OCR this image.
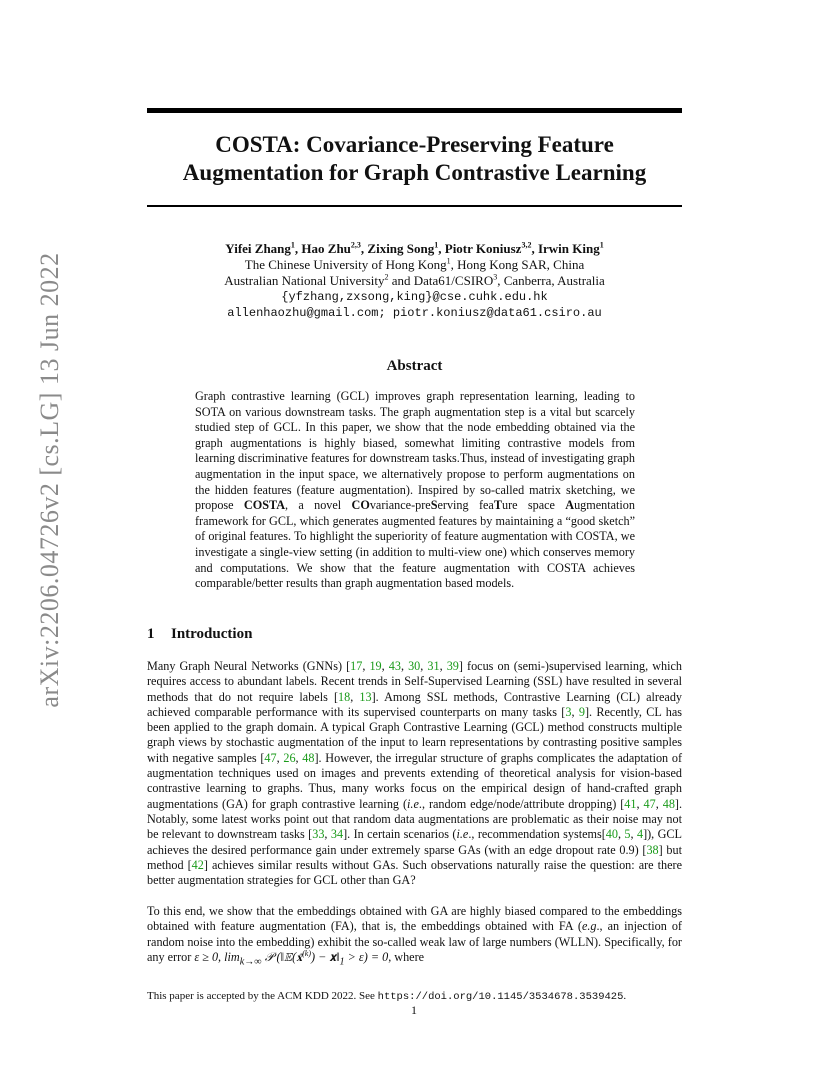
arXiv:2206.04726v2 [cs.LG] 13 Jun 2022
COSTA: Covariance-Preserving Feature
Augmentation for Graph Contrastive Learning
Yifei Zhang$^1$, Hao Zhu$^{2,3}$, Zixing Song$^1$, Piotr Koniusz$^{3,2}$, Irwin King$^1$
The Chinese University of Hong Kong$^1$, Hong Kong SAR, China
Australian National University$^2$ and Data61/CSIRO$^3$, Canberra, Australia
{yfzhang,zxsong,king}@cse.cuhk.edu.hk
allenhaozhu@gmail.com; piotr.koniusz@data61.csiro.au
Abstract
Graph contrastive learning (GCL) improves graph representation learning, leading to SOTA on various downstream tasks. The graph augmentation step is a vital but scarcely studied step of GCL. In this paper, we show that the node embedding obtained via the graph augmentations is highly biased, somewhat limiting contrastive models from learning discriminative features for downstream tasks.Thus, instead of investigating graph augmentation in the input space, we alternatively propose to perform augmentations on the hidden features (feature augmentation). Inspired by so-called matrix sketching, we propose COSTA, a novel COvariance-preServing feaTure space Augmentation framework for GCL, which generates augmented features by maintaining a “good sketch” of original features. To highlight the superiority of feature augmentation with COSTA, we investigate a single-view setting (in addition to multi-view one) which conserves memory and computations. We show that the feature augmentation with COSTA achieves comparable/better results than graph augmentation based models.
1 Introduction
Many Graph Neural Networks (GNNs) [17, 19, 43, 30, 31, 39] focus on (semi-)supervised learning, which requires access to abundant labels. Recent trends in Self-Supervised Learning (SSL) have resulted in several methods that do not require labels [18, 13]. Among SSL methods, Contrastive Learning (CL) already achieved comparable performance with its supervised counterparts on many tasks [3, 9]. Recently, CL has been applied to the graph domain. A typical Graph Contrastive Learning (GCL) method constructs multiple graph views by stochastic augmentation of the input to learn representations by contrasting positive samples with negative samples [47, 26, 48]. However, the irregular structure of graphs complicates the adaptation of augmentation techniques used on images and prevents extending of theoretical analysis for vision-based contrastive learning to graphs. Thus, many works focus on the empirical design of hand-crafted graph augmentations (GA) for graph contrastive learning (i.e., random edge/node/attribute dropping) [41, 47, 48]. Notably, some latest works point out that random data augmentations are problematic as their noise may not be relevant to downstream tasks [33, 34]. In certain scenarios (i.e., recommendation systems[40, 5, 4]), GCL achieves the desired performance gain under extremely sparse GAs (with an edge dropout rate 0.9) [38] but method [42] achieves similar results without GAs. Such observations naturally raise the question: are there better augmentation strategies for GCL other than GA?
To this end, we show that the embeddings obtained with GA are highly biased compared to the embeddings obtained with feature augmentation (FA), that is, the embeddings obtained with FA (e.g., an injection of random noise into the embedding) exhibit the so-called weak law of large numbers (WLLN). Specifically, for any error ε ≥ 0, $\lim_{k\to\infty}$ 𝒫 (‖𝔼(𝐱̃$^{(k)}$) − $𝐱‖_1 > \varepsilon) = 0$, where
This paper is accepted by the ACM KDD 2022. See https://doi.org/10.1145/3534678.3539425.
1
